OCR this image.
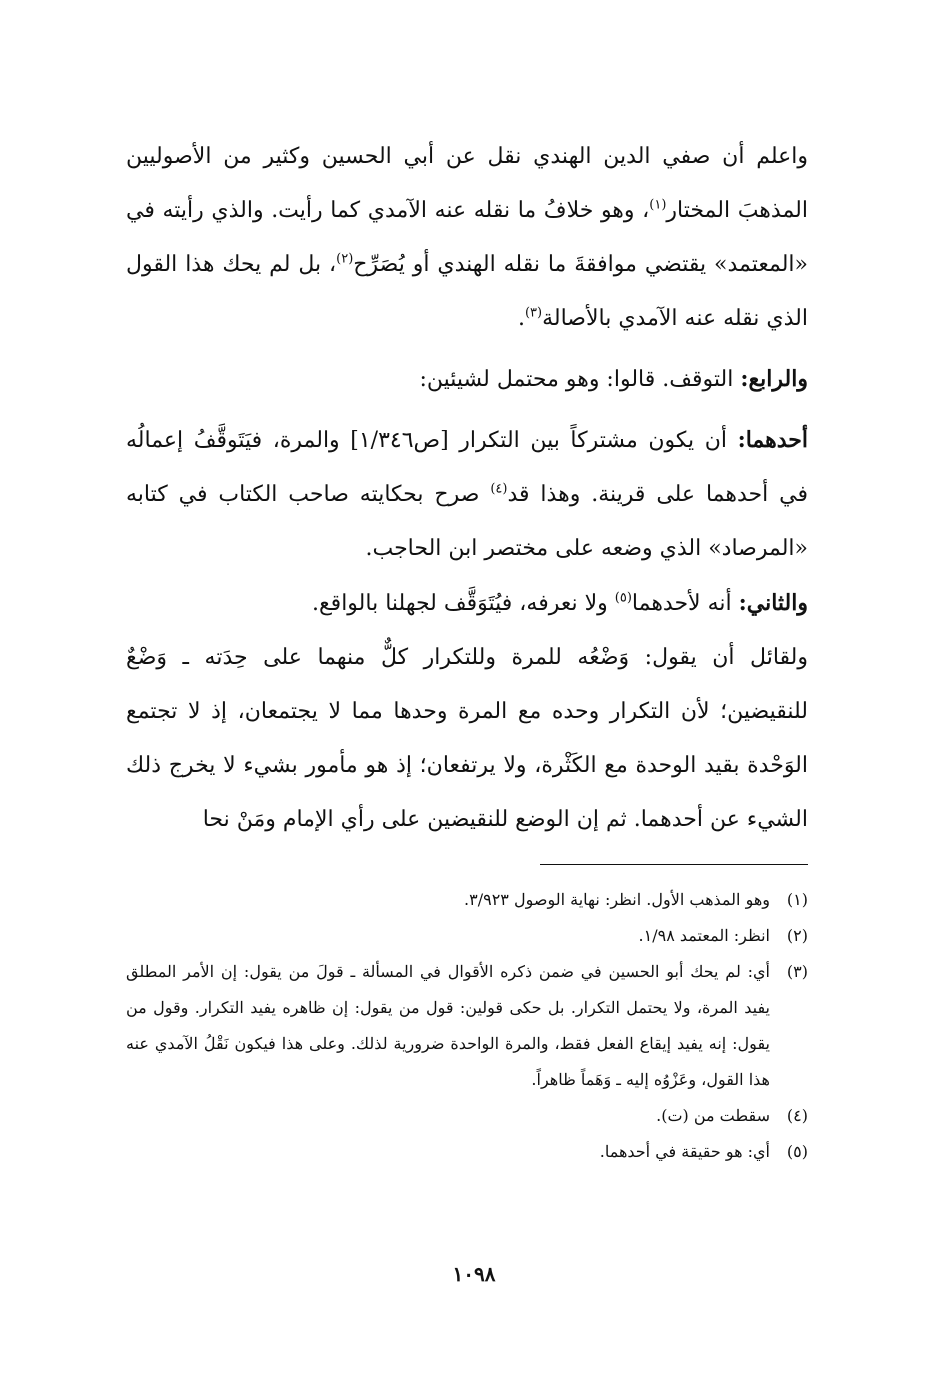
واعلم أن صفي الدين الهندي نقل عن أبي الحسين وكثير من الأصوليين المذهبَ المختار$^{(١)}$، وهو خلافُ ما نقله عنه الآمدي كما رأيت. والذي رأيته في «المعتمد» يقتضي موافقةَ ما نقله الهندي أو يُصَرِّح$^{(٢)}$، بل لم يحك هذا القول الذي نقله عنه الآمدي بالأصالة$^{(٣)}$.

والرابع: التوقف. قالوا: وهو محتمل لشيئين:

أحدهما: أن يكون مشتركاً بين التكرار [ص١/٣٤٦] والمرة، فيَتَوقَّفُ إعمالُه في أحدهما على قرينة. وهذا قد$^{(٤)}$ صرح بحكايته صاحب الكتاب في كتابه «المرصاد» الذي وضعه على مختصر ابن الحاجب.

والثاني: أنه لأحدهما$^{(٥)}$ ولا نعرفه، فيُتَوَقَّف لجهلنا بالواقع.

ولقائل أن يقول: وَضْعُه للمرة وللتكرار كلٌّ منهما على حِدَته ـ وَضْعٌ للنقيضين؛ لأن التكرار وحده مع المرة وحدها مما لا يجتمعان، إذ لا تجتمع الوَحْدة بقيد الوحدة مع الكَثْرة، ولا يرتفعان؛ إذ هو مأمور بشيء لا يخرج ذلك الشيء عن أحدهما. ثم إن الوضع للنقيضين على رأي الإمام ومَنْ نحا

(١)
وهو المذهب الأول. انظر: نهاية الوصول ٣/٩٢٣.
(٢)
انظر: المعتمد ١/٩٨.
(٣)
أي: لم يحك أبو الحسين في ضمن ذكره الأقوال في المسألة ـ قولَ من يقول: إن الأمر المطلق يفيد المرة، ولا يحتمل التكرار. بل حكى قولين: قول من يقول: إن ظاهره يفيد التكرار. وقول من يقول: إنه يفيد إيقاع الفعل فقط، والمرة الواحدة ضرورية لذلك. وعلى هذا فيكون نَقْلُ الآمدي عنه هذا القول، وعَزْوُه إليه ـ وَهَماً ظاهراً.
(٤)
سقطت من (ت).
(٥)
أي: هو حقيقة في أحدهما.
١٠٩٨
